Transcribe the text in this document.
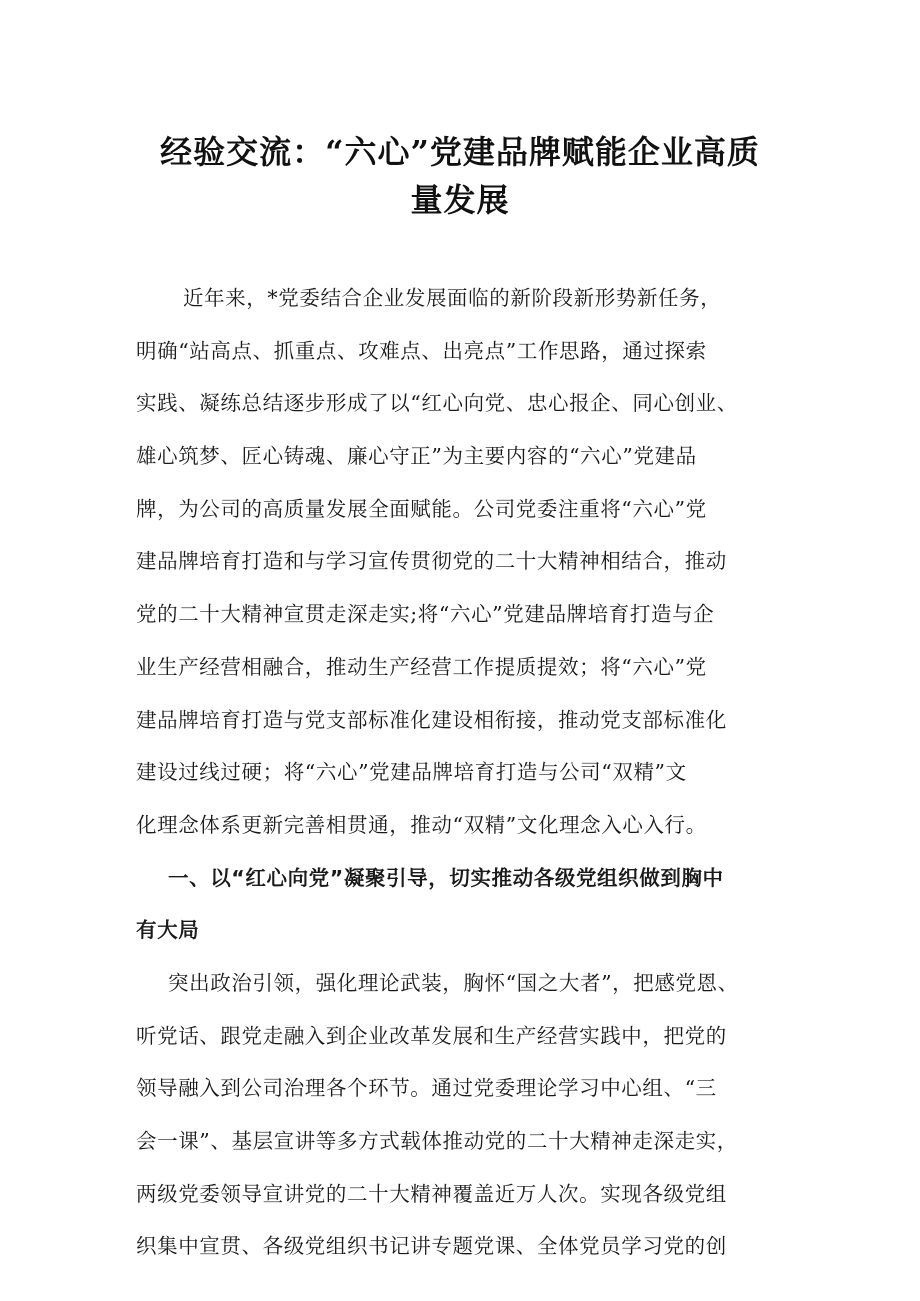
经验交流：“六心”党建品牌赋能企业高质
量发展
近年来，*党委结合企业发展面临的新阶段新形势新任务，
明确“站高点、抓重点、攻难点、出亮点”工作思路，通过探索
实践、凝练总结逐步形成了以“红心向党、忠心报企、同心创业、
雄心筑梦、匠心铸魂、廉心守正”为主要内容的“六心”党建品
牌，为公司的高质量发展全面赋能。公司党委注重将“六心”党
建品牌培育打造和与学习宣传贯彻党的二十大精神相结合，推动
党的二十大精神宣贯走深走实;将“六心”党建品牌培育打造与企
业生产经营相融合，推动生产经营工作提质提效；将“六心”党
建品牌培育打造与党支部标准化建设相衔接，推动党支部标准化
建设过线过硬；将“六心”党建品牌培育打造与公司“双精”文
化理念体系更新完善相贯通，推动“双精”文化理念入心入行。
一、以“红心向党”凝聚引导，切实推动各级党组织做到胸中
有大局
突出政治引领，强化理论武装，胸怀“国之大者”，把感党恩、
听党话、跟党走融入到企业改革发展和生产经营实践中，把党的
领导融入到公司治理各个环节。通过党委理论学习中心组、“三
会一课”、基层宣讲等多方式载体推动党的二十大精神走深走实，
两级党委领导宣讲党的二十大精神覆盖近万人次。实现各级党组
织集中宣贯、各级党组织书记讲专题党课、全体党员学习党的创
